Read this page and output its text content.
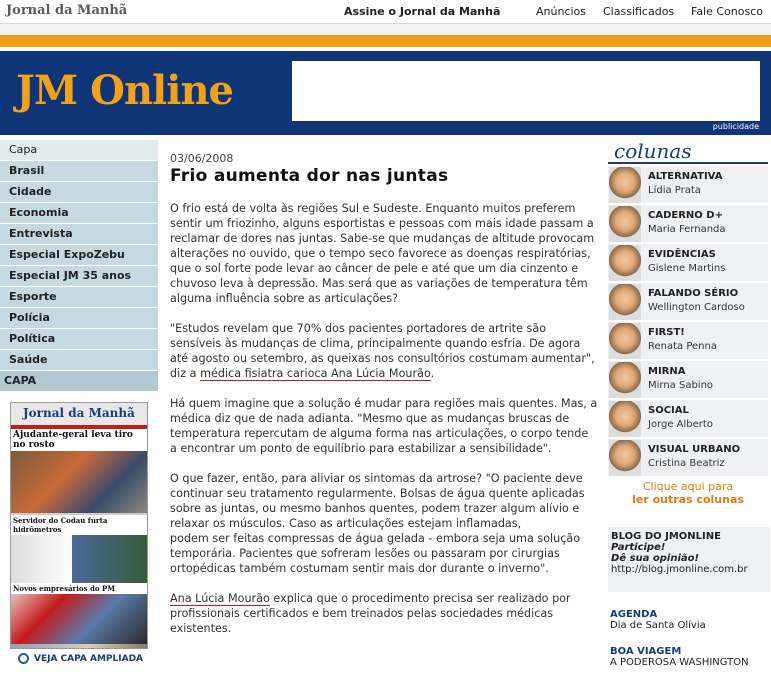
Jornal da Manhã	Assine o Jornal da Manhã	Anúncios Classificados Fale Conosco
JM Online
publicidade
Capa
Brasil
Cidade
Economia
Entrevista
Especial ExpoZebu
Especial JM 35 anos
Esporte
Polícia
Política
Saúde
CAPA
Jornal da Manhã
Ajudante-geral leva tiro no rosto
Servidor do Codau furta hidrômetros
Novos empresários do PM
VEJA CAPA AMPLIADA
03/06/2008
Frio aumenta dor nas juntas

O frio está de volta às regiões Sul e Sudeste. Enquanto muitos preferem sentir um friozinho, alguns esportistas e pessoas com mais idade passam a reclamar de dores nas juntas. Sabe-se que mudanças de altitude provocam alterações no ouvido, que o tempo seco favorece as doenças respiratórias, que o sol forte pode levar ao câncer de pele e até que um dia cinzento e chuvoso leva à depressão. Mas será que as variações de temperatura têm alguma influência sobre as articulações?

"Estudos revelam que 70% dos pacientes portadores de artrite são sensíveis às mudanças de clima, principalmente quando esfria. De agora até agosto ou setembro, as queixas nos consultórios costumam aumentar",
diz a médica fisiatra carioca Ana Lúcia Mourão.

Há quem imagine que a solução é mudar para regiões mais quentes. Mas, a médica diz que de nada adianta. "Mesmo que as mudanças bruscas de temperatura repercutam de alguma forma nas articulações, o corpo tende a encontrar um ponto de equilíbrio para estabilizar a sensibilidade".

O que fazer, então, para aliviar os sintomas da artrose? "O paciente deve continuar seu tratamento regularmente. Bolsas de água quente aplicadas sobre as juntas, ou mesmo banhos quentes, podem trazer algum alívio e relaxar os músculos. Caso as articulações estejam inflamadas,
podem ser feitas compressas de água gelada - embora seja uma solução temporária. Pacientes que sofreram lesões ou passaram por cirurgias ortopédicas também costumam sentir mais dor durante o inverno".

Ana Lúcia Mourão explica que o procedimento precisa ser realizado por profissionais certificados e bem treinados pelas sociedades médicas existentes.

colunas
ALTERNATIVA
Lídia Prata
CADERNO D+
Maria Fernanda
EVIDÊNCIAS
Gislene Martins
FALANDO SÉRIO
Wellington Cardoso
FIRST!
Renata Penna
MIRNA
Mirna Sabino
SOCIAL
Jorge Alberto
VISUAL URBANO
Cristina Beatriz
Clique aqui para
ler outras colunas
BLOG DO JMONLINE
Participe!
Dê sua opinião!
http://blog.jmonline.com.br
AGENDA
Dia de Santa Olívia
BOA VIAGEM
A PODEROSA WASHINGTON
